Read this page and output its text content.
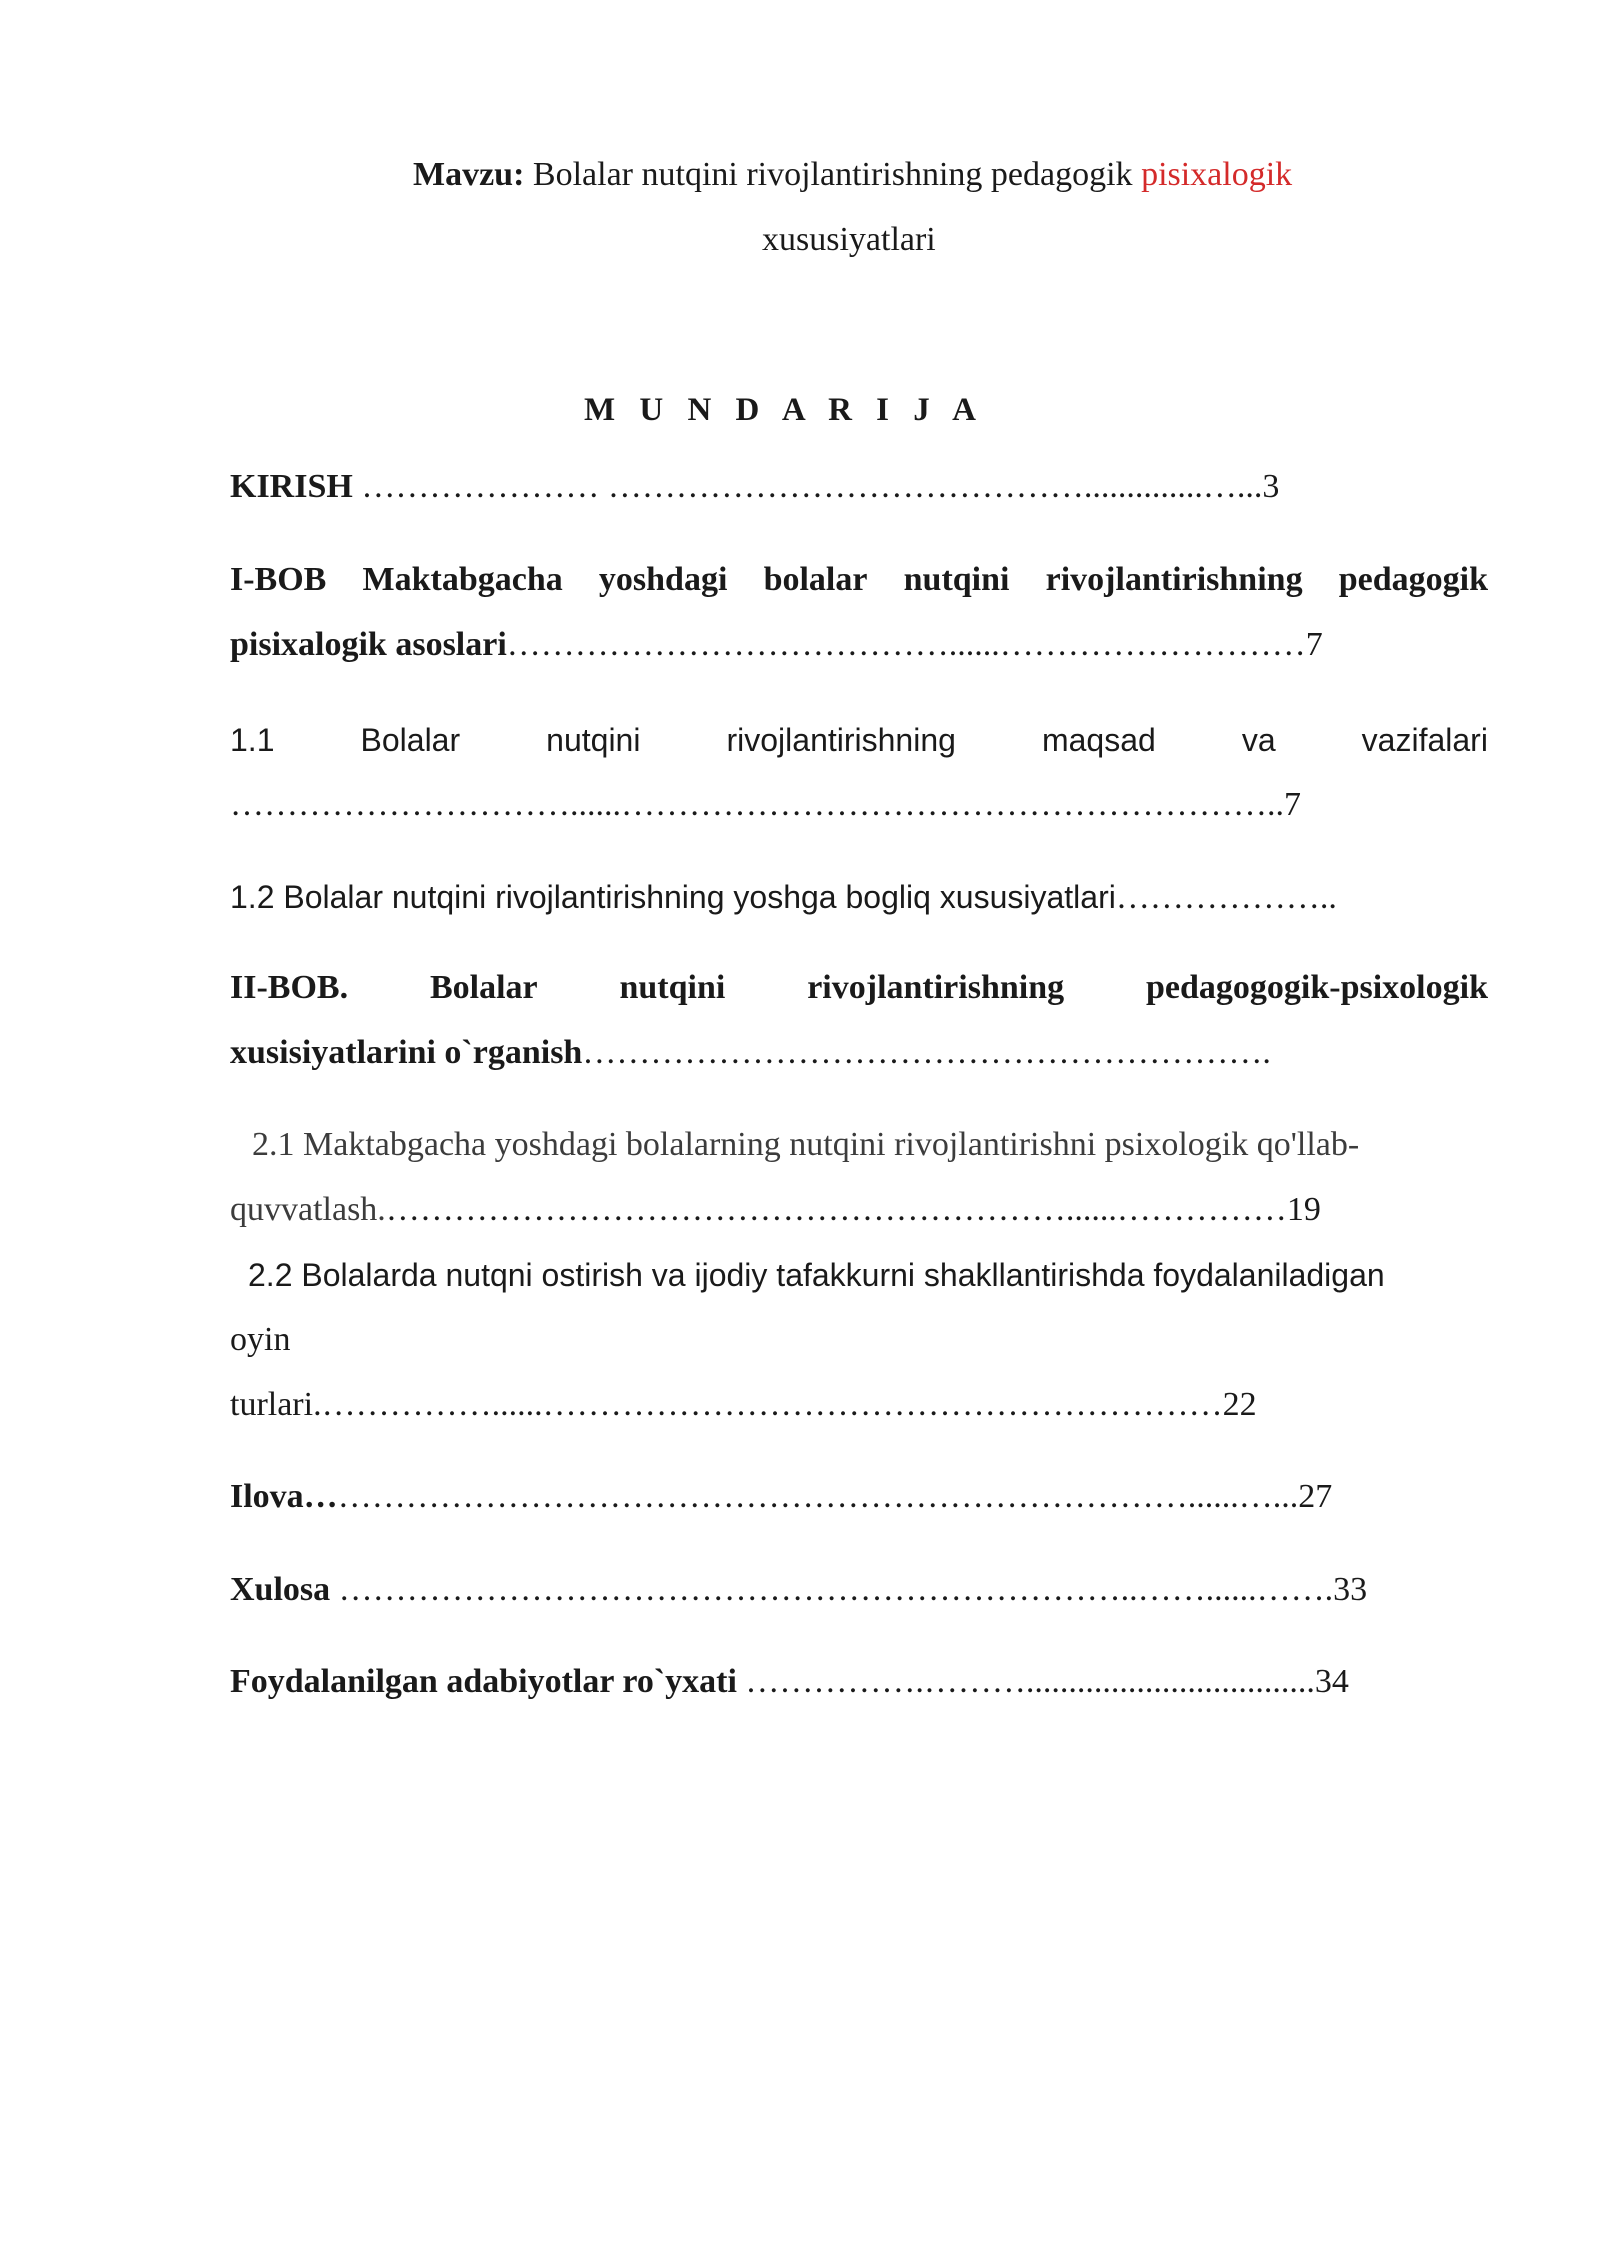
Mavzu: Bolalar nutqini rivojlantirishning pedagogik pisixalogik
xususiyatlari
M U N D A R I J A
KIRISH ………………… ……………………………………..............…...3
I-BOB Maktabgacha yoshdagi bolalar nutqini rivojlantirishning pedagogik
pisixalogik asoslari…………………………………......………………………7
1.1	Bolalar	nutqini	rivojlantirishning	maqsad	va	vazifalari
…………………………......…………………………………………………..7
1.2 Bolalar nutqini rivojlantirishning yoshga bogliq xususiyatlari………………..
II-BOB. Bolalar nutqini rivojlantirishning pedagogogik-psixologik
xusisiyatlarini o`rganish…………………………………………………….
2.1 Maktabgacha yoshdagi bolalarning nutqini rivojlantirishni psixologik qo'llab-
quvvatlash.……………………………………………………......……………19
2.2 Bolalarda nutqni ostirish va ijodiy tafakkurni shakllantirishda foydalaniladigan
oyin
turlari.……………......……………………………………………………22
Ilova……………………………………………………………………......…...27
Xulosa ……………………………………………………………..……......…….33
Foydalanilgan adabiyotlar ro`yxati …………….………..................................34
